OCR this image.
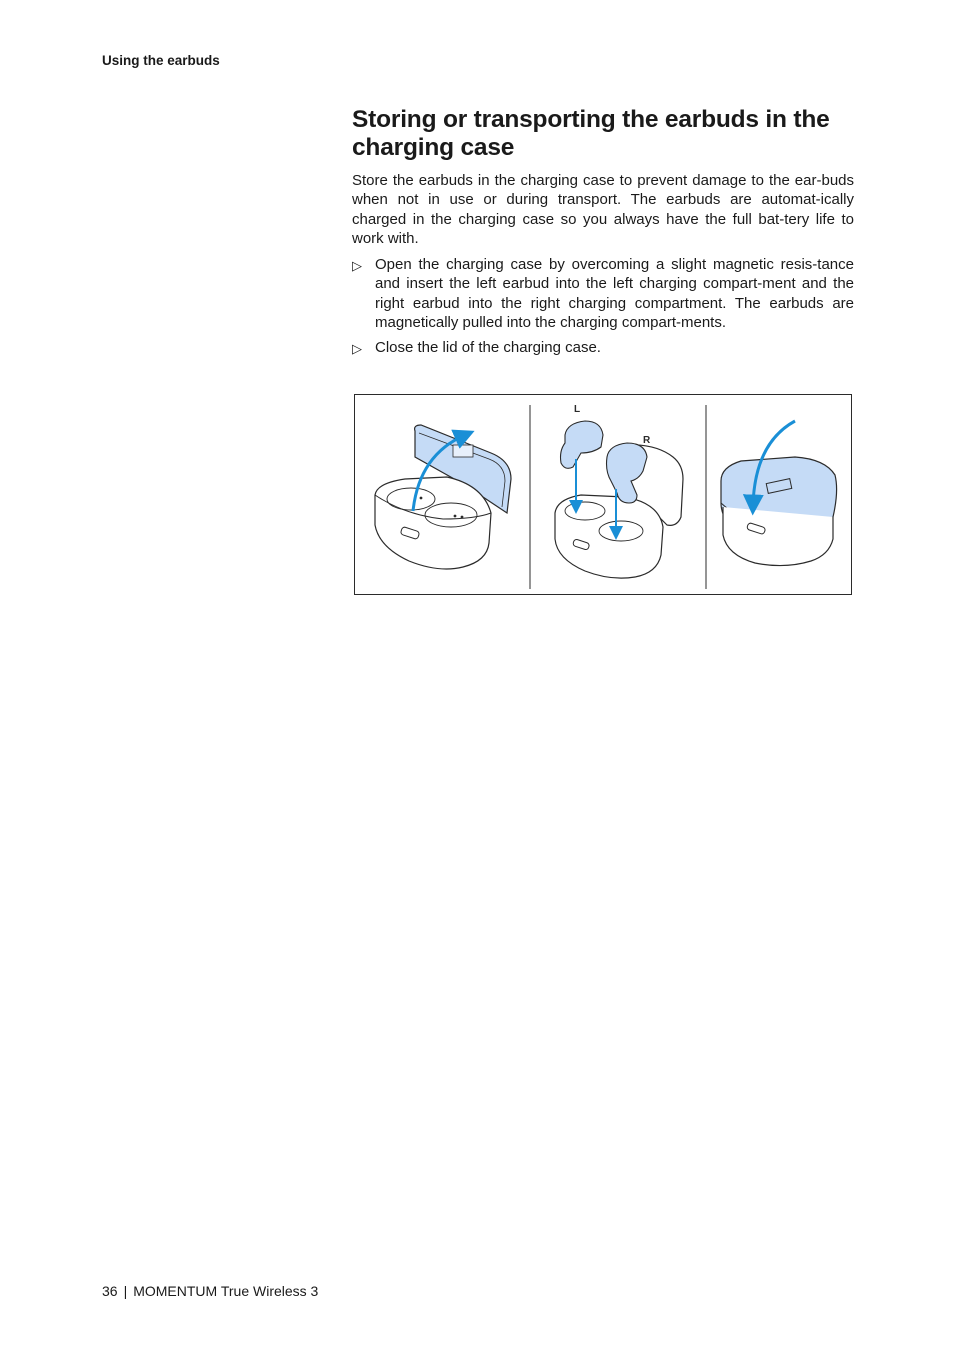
Using the earbuds
Storing or transporting the earbuds in the charging case

Store the earbuds in the charging case to prevent damage to the ear-buds when not in use or during transport. The earbuds are automat-ically charged in the charging case so you always have the full bat-tery life to work with.

▷ Open the charging case by overcoming a slight magnetic resis-tance and insert the left earbud into the left charging compart-ment and the right earbud into the right charging compartment. The earbuds are magnetically pulled into the charging compart-ments.
▷ Close the lid of the charging case.
L
R
36 | MOMENTUM True Wireless 3
